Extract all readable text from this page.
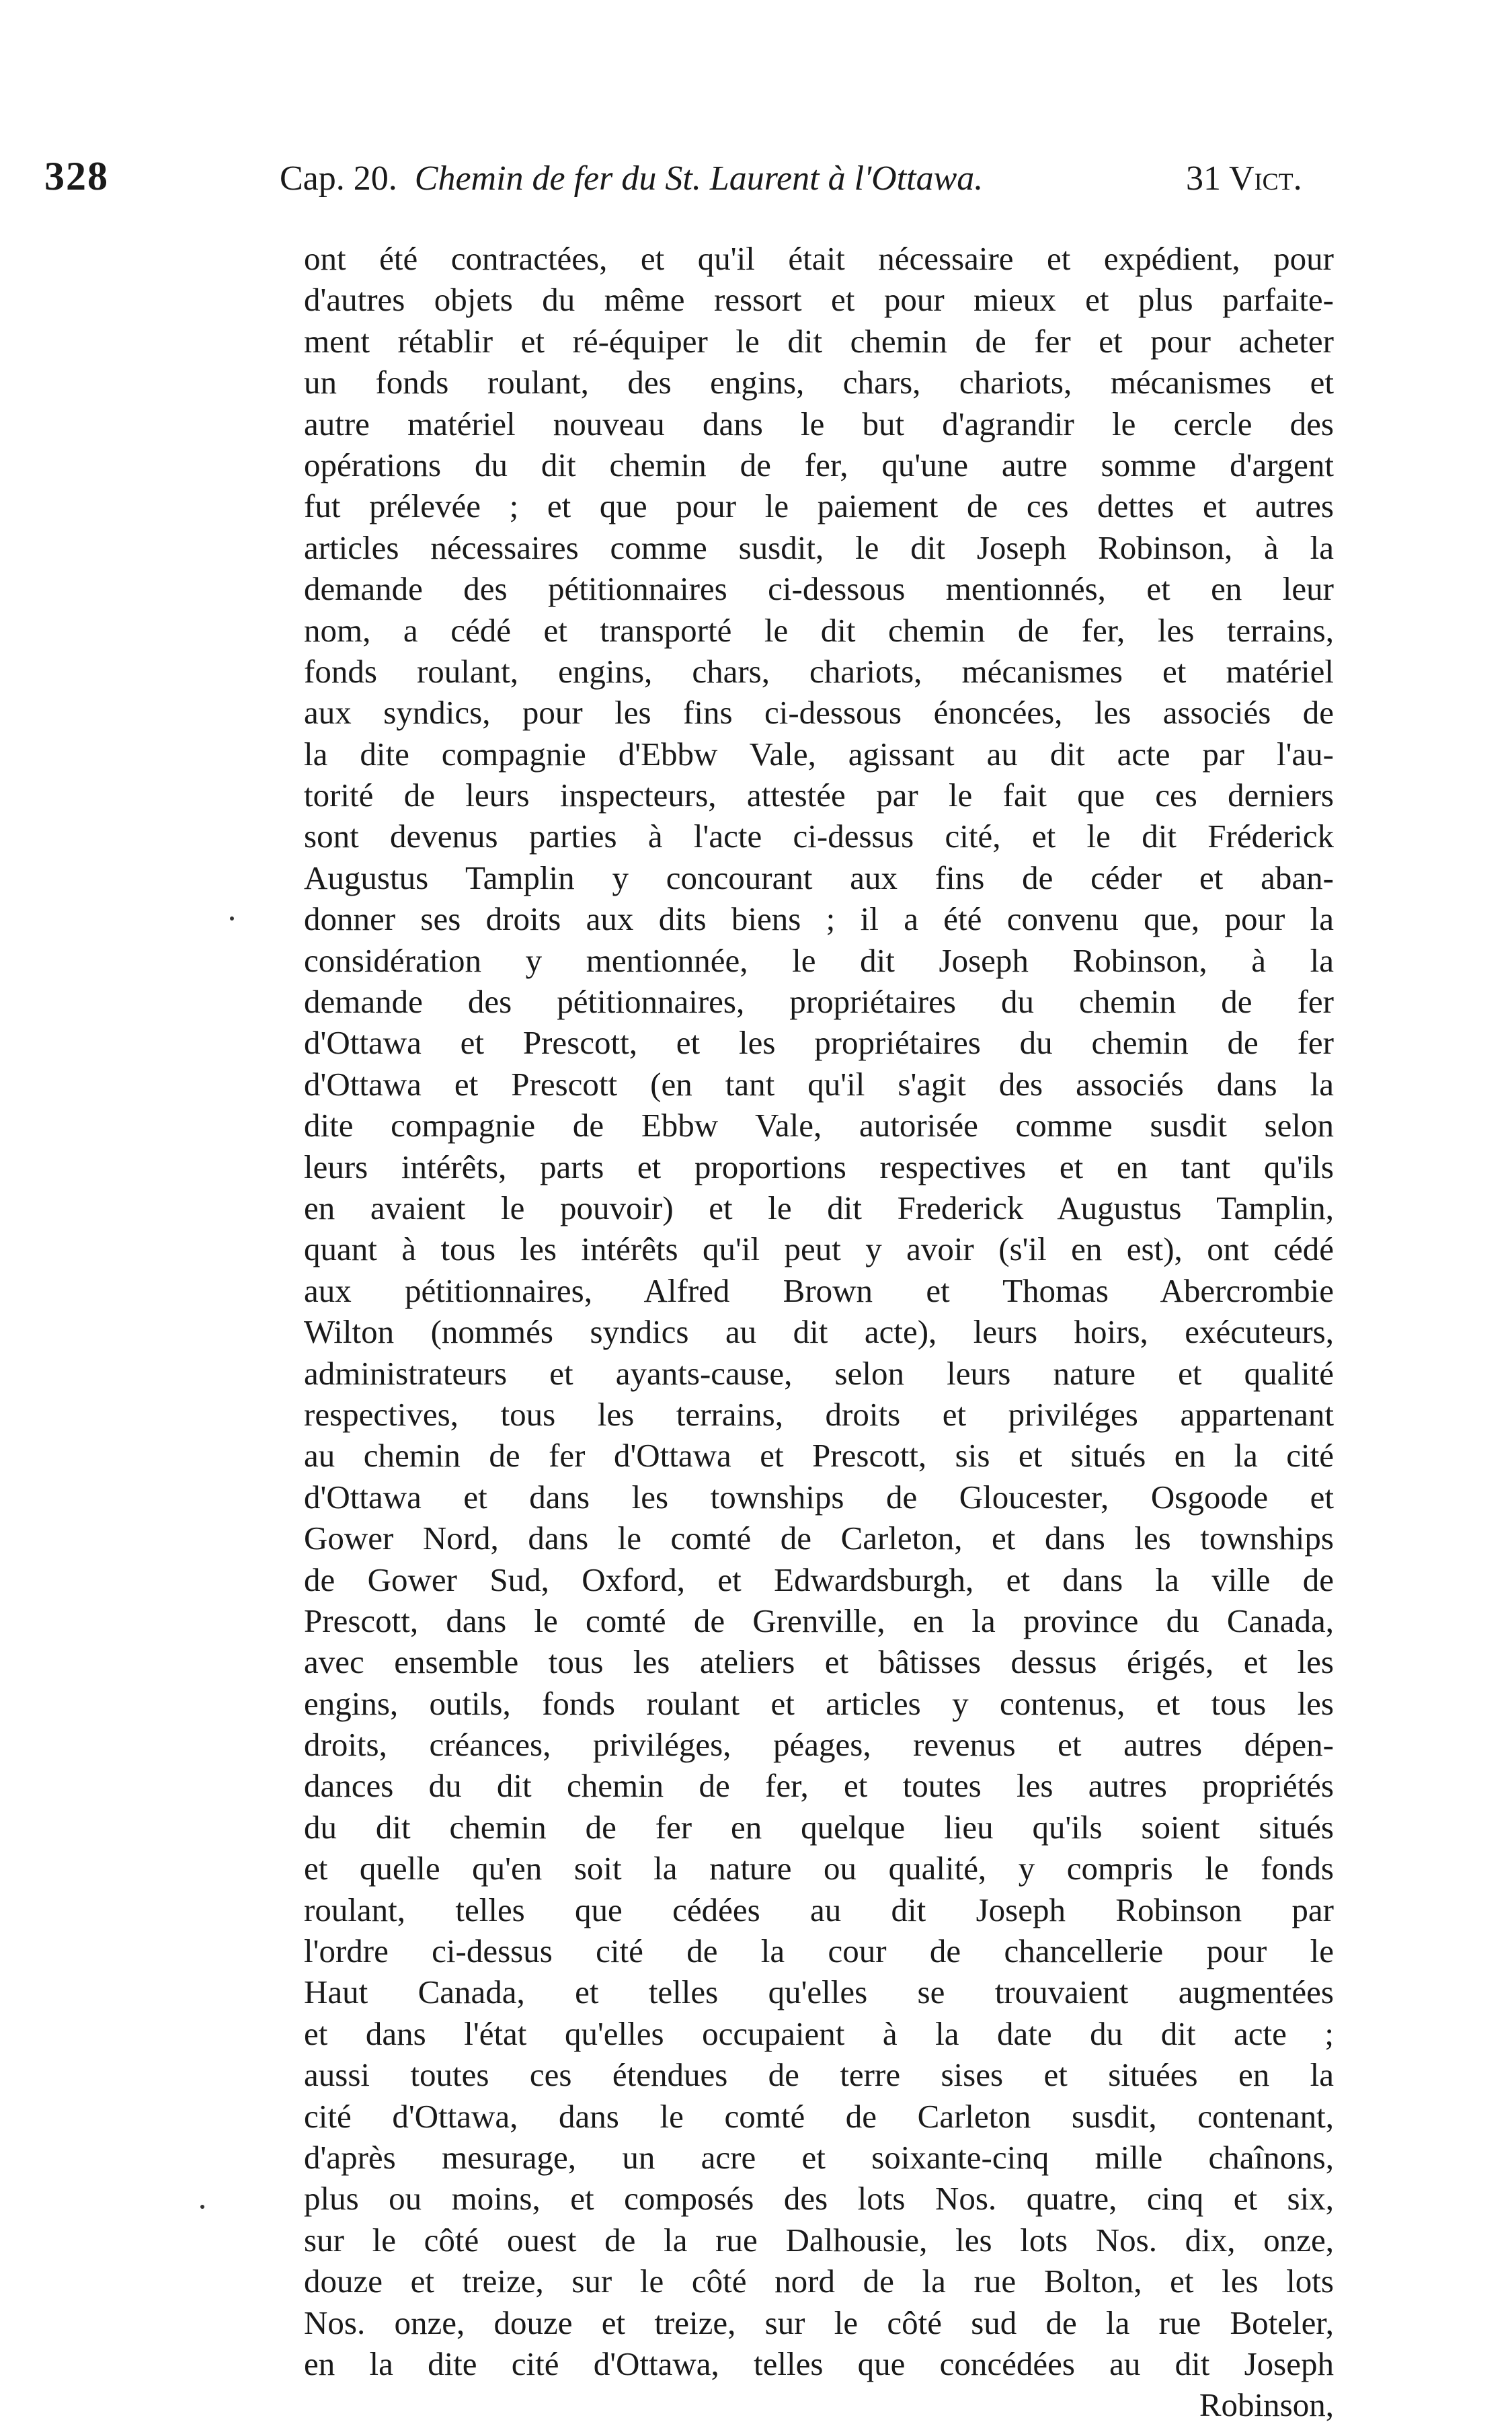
328	Cap. 20. Chemin de fer du St. Laurent à l'Ottawa.	31 Vict.
ont été contractées, et qu'il était nécessaire et expédient, pour
d'autres objets du même ressort et pour mieux et plus parfaite-
ment rétablir et ré-équiper le dit chemin de fer et pour acheter
un fonds roulant, des engins, chars, chariots, mécanismes et
autre matériel nouveau dans le but d'agrandir le cercle des
opérations du dit chemin de fer, qu'une autre somme d'argent
fut prélevée ; et que pour le paiement de ces dettes et autres
articles nécessaires comme susdit, le dit Joseph Robinson, à la
demande des pétitionnaires ci-dessous mentionnés, et en leur
nom, a cédé et transporté le dit chemin de fer, les terrains,
fonds roulant, engins, chars, chariots, mécanismes et matériel
aux syndics, pour les fins ci-dessous énoncées, les associés de
la dite compagnie d'Ebbw Vale, agissant au dit acte par l'au-
torité de leurs inspecteurs, attestée par le fait que ces derniers
sont devenus parties à l'acte ci-dessus cité, et le dit Fréderick
Augustus Tamplin y concourant aux fins de céder et aban-
donner ses droits aux dits biens ; il a été convenu que, pour la
considération y mentionnée, le dit Joseph Robinson, à la
demande des pétitionnaires, propriétaires du chemin de fer
d'Ottawa et Prescott, et les propriétaires du chemin de fer
d'Ottawa et Prescott (en tant qu'il s'agit des associés dans la
dite compagnie de Ebbw Vale, autorisée comme susdit selon
leurs intérêts, parts et proportions respectives et en tant qu'ils
en avaient le pouvoir) et le dit Frederick Augustus Tamplin,
quant à tous les intérêts qu'il peut y avoir (s'il en est), ont cédé
aux pétitionnaires, Alfred Brown et Thomas Abercrombie
Wilton (nommés syndics au dit acte), leurs hoirs, exécuteurs,
administrateurs et ayants-cause, selon leurs nature et qualité
respectives, tous les terrains, droits et priviléges appartenant
au chemin de fer d'Ottawa et Prescott, sis et situés en la cité
d'Ottawa et dans les townships de Gloucester, Osgoode et
Gower Nord, dans le comté de Carleton, et dans les townships
de Gower Sud, Oxford, et Edwardsburgh, et dans la ville de
Prescott, dans le comté de Grenville, en la province du Canada,
avec ensemble tous les ateliers et bâtisses dessus érigés, et les
engins, outils, fonds roulant et articles y contenus, et tous les
droits, créances, priviléges, péages, revenus et autres dépen-
dances du dit chemin de fer, et toutes les autres propriétés
du dit chemin de fer en quelque lieu qu'ils soient situés
et quelle qu'en soit la nature ou qualité, y compris le fonds
roulant, telles que cédées au dit Joseph Robinson par
l'ordre ci-dessus cité de la cour de chancellerie pour le
Haut Canada, et telles qu'elles se trouvaient augmentées
et dans l'état qu'elles occupaient à la date du dit acte ;
aussi toutes ces étendues de terre sises et situées en la
cité d'Ottawa, dans le comté de Carleton susdit, contenant,
d'après mesurage, un acre et soixante-cinq mille chaînons,
plus ou moins, et composés des lots Nos. quatre, cinq et six,
sur le côté ouest de la rue Dalhousie, les lots Nos. dix, onze,
douze et treize, sur le côté nord de la rue Bolton, et les lots
Nos. onze, douze et treize, sur le côté sud de la rue Boteler,
en la dite cité d'Ottawa, telles que concédées au dit Joseph
Robinson,
